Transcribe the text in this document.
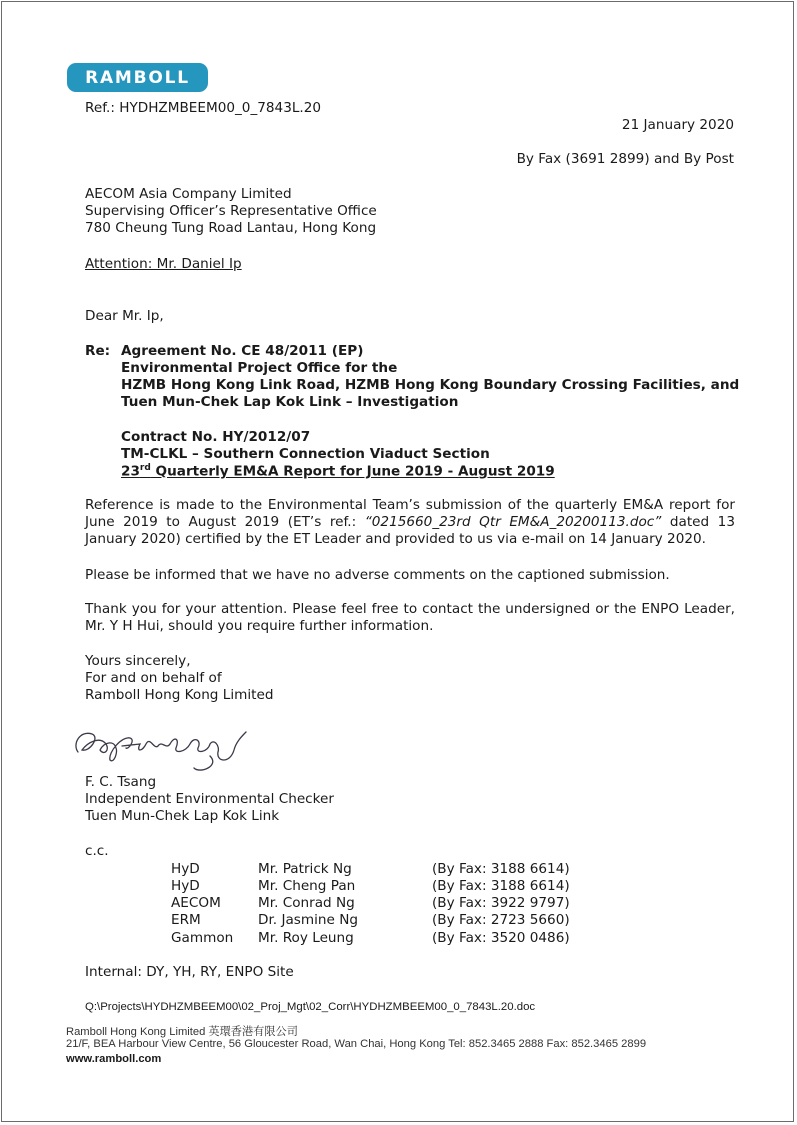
RAMBOLL
Ref.: HYDHZMBEEM00_0_7843L.20
21 January 2020
By Fax (3691 2899) and By Post
AECOM Asia Company Limited
Supervising Officer’s Representative Office
780 Cheung Tung Road Lantau, Hong Kong
Attention: Mr. Daniel Ip
Dear Mr. Ip,
Re: Agreement No. CE 48/2011 (EP)
Environmental Project Office for the
HZMB Hong Kong Link Road, HZMB Hong Kong Boundary Crossing Facilities, and
Tuen Mun-Chek Lap Kok Link – Investigation
Contract No. HY/2012/07
TM-CLKL – Southern Connection Viaduct Section
23rd Quarterly EM&A Report for June 2019 - August 2019
Reference is made to the Environmental Team’s submission of the quarterly EM&A report for June 2019 to August 2019 (ET’s ref.: “0215660_23rd Qtr EM&A_20200113.doc” dated 13 January 2020) certified by the ET Leader and provided to us via e-mail on 14 January 2020.
Please be informed that we have no adverse comments on the captioned submission.
Thank you for your attention. Please feel free to contact the undersigned or the ENPO Leader, Mr. Y H Hui, should you require further information.
Yours sincerely,
For and on behalf of
Ramboll Hong Kong Limited
F. C. Tsang
Independent Environmental Checker
Tuen Mun-Chek Lap Kok Link
c.c.
HyD	Mr. Patrick Ng	(By Fax: 3188 6614)
HyD	Mr. Cheng Pan	(By Fax: 3188 6614)
AECOM	Mr. Conrad Ng	(By Fax: 3922 9797)
ERM	Dr. Jasmine Ng	(By Fax: 2723 5660)
Gammon Mr. Roy Leung	(By Fax: 3520 0486)
Internal: DY, YH, RY, ENPO Site
Q:\Projects\HYDHZMBEEM00\02_Proj_Mgt\02_Corr\HYDHZMBEEM00_0_7843L.20.doc
Ramboll Hong Kong Limited 英環香港有限公司
21/F, BEA Harbour View Centre, 56 Gloucester Road, Wan Chai, Hong Kong Tel: 852.3465 2888 Fax: 852.3465 2899
www.ramboll.com
